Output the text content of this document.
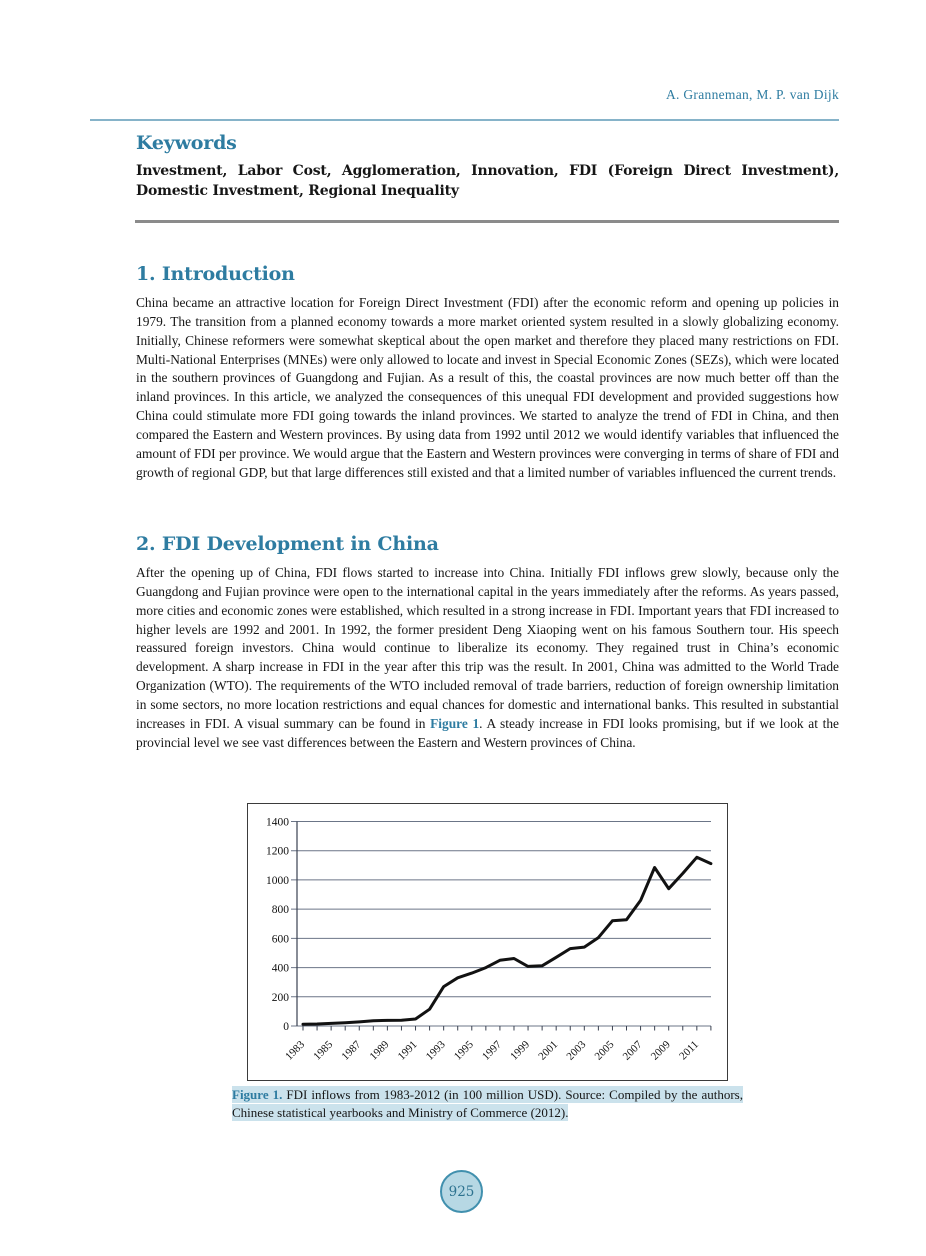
A. Granneman, M. P. van Dijk
Keywords

Investment, Labor Cost, Agglomeration, Innovation, FDI (Foreign Direct Investment), Domestic Investment, Regional Inequality

1. Introduction

China became an attractive location for Foreign Direct Investment (FDI) after the economic reform and opening up policies in 1979. The transition from a planned economy towards a more market oriented system resulted in a slowly globalizing economy. Initially, Chinese reformers were somewhat skeptical about the open market and therefore they placed many restrictions on FDI. Multi-National Enterprises (MNEs) were only allowed to locate and invest in Special Economic Zones (SEZs), which were located in the southern provinces of Guangdong and Fujian. As a result of this, the coastal provinces are now much better off than the inland provinces. In this article, we analyzed the consequences of this unequal FDI development and provided suggestions how China could stimulate more FDI going towards the inland provinces. We started to analyze the trend of FDI in China, and then compared the Eastern and Western provinces. By using data from 1992 until 2012 we would identify variables that influenced the amount of FDI per province. We would argue that the Eastern and Western provinces were converging in terms of share of FDI and growth of regional GDP, but that large differences still existed and that a limited number of variables influenced the current trends.

2. FDI Development in China

After the opening up of China, FDI flows started to increase into China. Initially FDI inflows grew slowly, because only the Guangdong and Fujian province were open to the international capital in the years immediately after the reforms. As years passed, more cities and economic zones were established, which resulted in a strong increase in FDI. Important years that FDI increased to higher levels are 1992 and 2001. In 1992, the former president Deng Xiaoping went on his famous Southern tour. His speech reassured foreign investors. China would continue to liberalize its economy. They regained trust in China’s economic development. A sharp increase in FDI in the year after this trip was the result. In 2001, China was admitted to the World Trade Organization (WTO). The requirements of the WTO included removal of trade barriers, reduction of foreign ownership limitation in some sectors, no more location restrictions and equal chances for domestic and international banks. This resulted in substantial increases in FDI. A visual summary can be found in Figure 1. A steady increase in FDI looks promising, but if we look at the provincial level we see vast differences between the Eastern and Western provinces of China.

0
200
400
600
800
1000
1200
1400
1983 1985 1987 1989 1991 1993 1995 1997 1999 2001 2003 2005 2007 2009 2011

Figure 1. FDI inflows from 1983-2012 (in 100 million USD). Source: Compiled by the authors, Chinese statistical yearbooks and Ministry of Commerce (2012).

925
